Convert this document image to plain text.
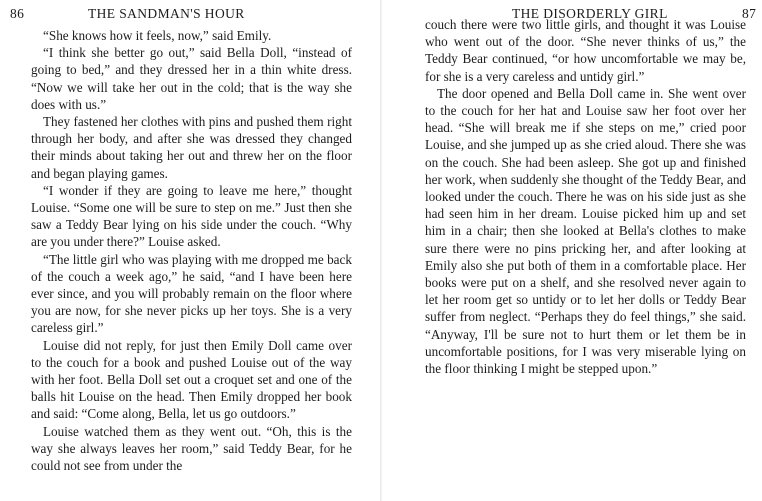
86	THE SANDMAN'S HOUR

“She knows how it feels, now,” said Emily.

“I think she better go out,” said Bella Doll, “instead of going to bed,” and they dressed her in a thin white dress. “Now we will take her out in the cold; that is the way she does with us.”

They fastened her clothes with pins and pushed them right through her body, and after she was dressed they changed their minds about taking her out and threw her on the floor and began playing games.

“I wonder if they are going to leave me here,” thought Louise. “Some one will be sure to step on me.” Just then she saw a Teddy Bear lying on his side under the couch. “Why are you under there?” Louise asked.

“The little girl who was playing with me dropped me back of the couch a week ago,” he said, “and I have been here ever since, and you will probably remain on the floor where you are now, for she never picks up her toys. She is a very careless girl.”

Louise did not reply, for just then Emily Doll came over to the couch for a book and pushed Louise out of the way with her foot. Bella Doll set out a croquet set and one of the balls hit Louise on the head. Then Emily dropped her book and said: “Come along, Bella, let us go outdoors.”

Louise watched them as they went out. “Oh, this is the way she always leaves her room,” said Teddy Bear, for he could not see from under the

THE DISORDERLY GIRL	87

couch there were two little girls, and thought it was Louise who went out of the door. “She never thinks of us,” the Teddy Bear continued, “or how uncomfortable we may be, for she is a very careless and untidy girl.”

The door opened and Bella Doll came in. She went over to the couch for her hat and Louise saw her foot over her head. “She will break me if she steps on me,” cried poor Louise, and she jumped up as she cried aloud. There she was on the couch. She had been asleep. She got up and finished her work, when suddenly she thought of the Teddy Bear, and looked under the couch. There he was on his side just as she had seen him in her dream. Louise picked him up and set him in a chair; then she looked at Bella's clothes to make sure there were no pins pricking her, and after looking at Emily also she put both of them in a comfortable place. Her books were put on a shelf, and she resolved never again to let her room get so untidy or to let her dolls or Teddy Bear suffer from neglect. “Perhaps they do feel things,” she said. “Anyway, I'll be sure not to hurt them or let them be in uncomfortable positions, for I was very miserable lying on the floor thinking I might be stepped upon.”
